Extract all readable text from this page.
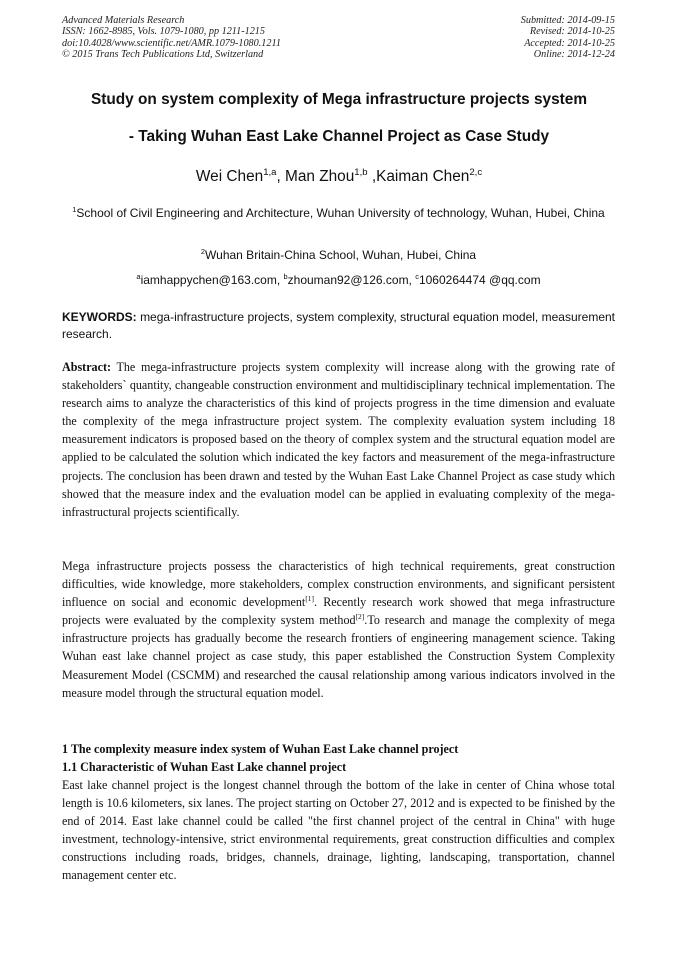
Advanced Materials Research
ISSN: 1662-8985, Vols. 1079-1080, pp 1211-1215
doi:10.4028/www.scientific.net/AMR.1079-1080.1211
© 2015 Trans Tech Publications Ltd, Switzerland
Submitted: 2014-09-15
Revised: 2014-10-25
Accepted: 2014-10-25
Online: 2014-12-24
Study on system complexity of Mega infrastructure projects system
- Taking Wuhan East Lake Channel Project as Case Study
Wei Chen$^{1,a}$, Man Zhou$^{1,b}$ ,Kaiman Chen$^{2,c}$
$^1$School of Civil Engineering and Architecture, Wuhan University of technology, Wuhan, Hubei, China
$^2$Wuhan Britain-China School, Wuhan, Hubei, China
$^a$iamhappychen@163.com, $^b$zhouman92@126.com, $^c$1060264474 @qq.com
KEYWORDS: mega-infrastructure projects, system complexity, structural equation model, measurement research.
Abstract: The mega-infrastructure projects system complexity will increase along with the growing rate of stakeholders` quantity, changeable construction environment and multidisciplinary technical implementation. The research aims to analyze the characteristics of this kind of projects progress in the time dimension and evaluate the complexity of the mega infrastructure project system. The complexity evaluation system including 18 measurement indicators is proposed based on the theory of complex system and the structural equation model are applied to be calculated the solution which indicated the key factors and measurement of the mega-infrastructure projects. The conclusion has been drawn and tested by the Wuhan East Lake Channel Project as case study which showed that the measure index and the evaluation model can be applied in evaluating complexity of the mega-infrastructural projects scientifically.
Mega infrastructure projects possess the characteristics of high technical requirements, great construction difficulties, wide knowledge, more stakeholders, complex construction environments, and significant persistent influence on social and economic development[1]. Recently research work showed that mega infrastructure projects were evaluated by the complexity system method[2].To research and manage the complexity of mega infrastructure projects has gradually become the research frontiers of engineering management science. Taking Wuhan east lake channel project as case study, this paper established the Construction System Complexity Measurement Model (CSCMM) and researched the causal relationship among various indicators involved in the measure model through the structural equation model.
1 The complexity measure index system of Wuhan East Lake channel project
1.1 Characteristic of Wuhan East Lake channel project
East lake channel project is the longest channel through the bottom of the lake in center of China whose total length is 10.6 kilometers, six lanes. The project starting on October 27, 2012 and is expected to be finished by the end of 2014. East lake channel could be called "the first channel project of the central in China" with huge investment, technology-intensive, strict environmental requirements, great construction difficulties and complex constructions including roads, bridges, channels, drainage, lighting, landscaping, transportation, channel management center etc.
